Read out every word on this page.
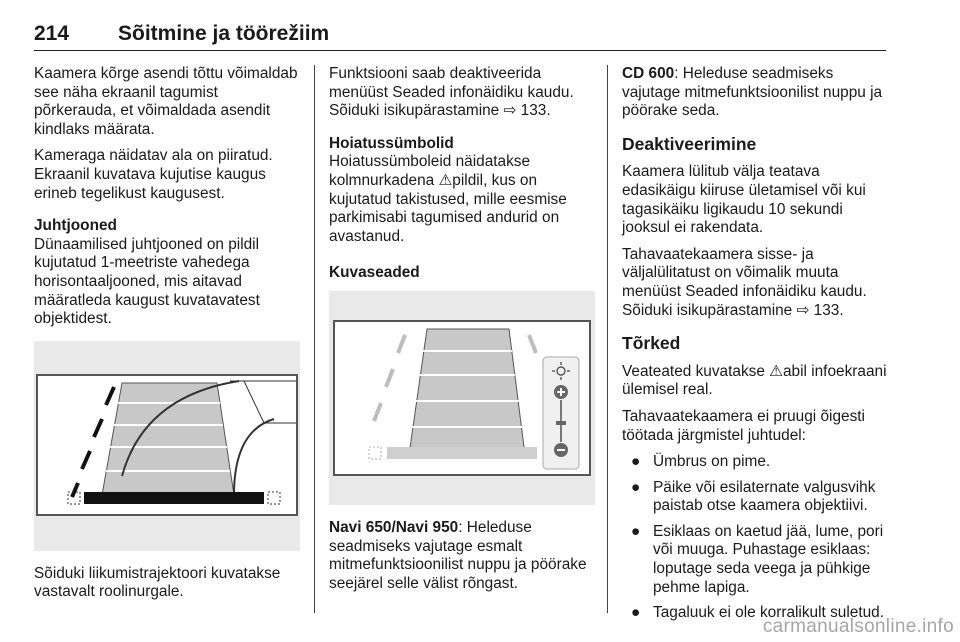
214 Sõitmine ja töörežiim

Kaamera kõrge asendi tõttu võimaldab see näha ekraanil tagumist põrkerauda, et võimaldada asendit kindlaks määrata.

Kameraga näidatav ala on piiratud. Ekraanil kuvatava kujutise kaugus erineb tegelikust kaugusest.

Juhtjooned
Dünaamilised juhtjooned on pildil kujutatud 1-meetriste vahedega horisontaaljooned, mis aitavad määratleda kaugust kuvatavatest objektidest.

Sõiduki liikumistrajektoori kuvatakse vastavalt roolinurgale.

Funktsiooni saab deaktiveerida menüüst Seaded infonäidiku kaudu. Sõiduki isikupärastamine ⇨ 133.

Hoiatussümbolid
Hoiatussümboleid näidatakse kolmnurkadena ⚠pildil, kus on kujutatud takistused, mille eesmise parkimisabi tagumised andurid on avastanud.

Kuvaseaded

Navi 650/Navi 950: Heleduse seadmiseks vajutage esmalt mitmefunktsioonilist nuppu ja pöörake seejärel selle välist rõngast.

CD 600: Heleduse seadmiseks vajutage mitmefunktsioonilist nuppu ja pöörake seda.

Deaktiveerimine

Kaamera lülitub välja teatava edasikäigu kiiruse ületamisel või kui tagasikäiku ligikaudu 10 sekundi jooksul ei rakendata.

Tahavaatekaamera sisse- ja väljalülitatust on võimalik muuta menüüst Seaded infonäidiku kaudu. Sõiduki isikupärastamine ⇨ 133.

Tõrked

Veateated kuvatakse ⚠abil infoekraani ülemisel real.

Tahavaatekaamera ei pruugi õigesti töötada järgmistel juhtudel:

● Ümbrus on pime.
● Päike või esilaternate valgusvihk paistab otse kaamera objektiivi.
● Esiklaas on kaetud jää, lume, pori või muuga. Puhastage esiklaas: loputage seda veega ja pühkige pehme lapiga.
● Tagaluuk ei ole korralikult suletud.
carmanualsonline.info
